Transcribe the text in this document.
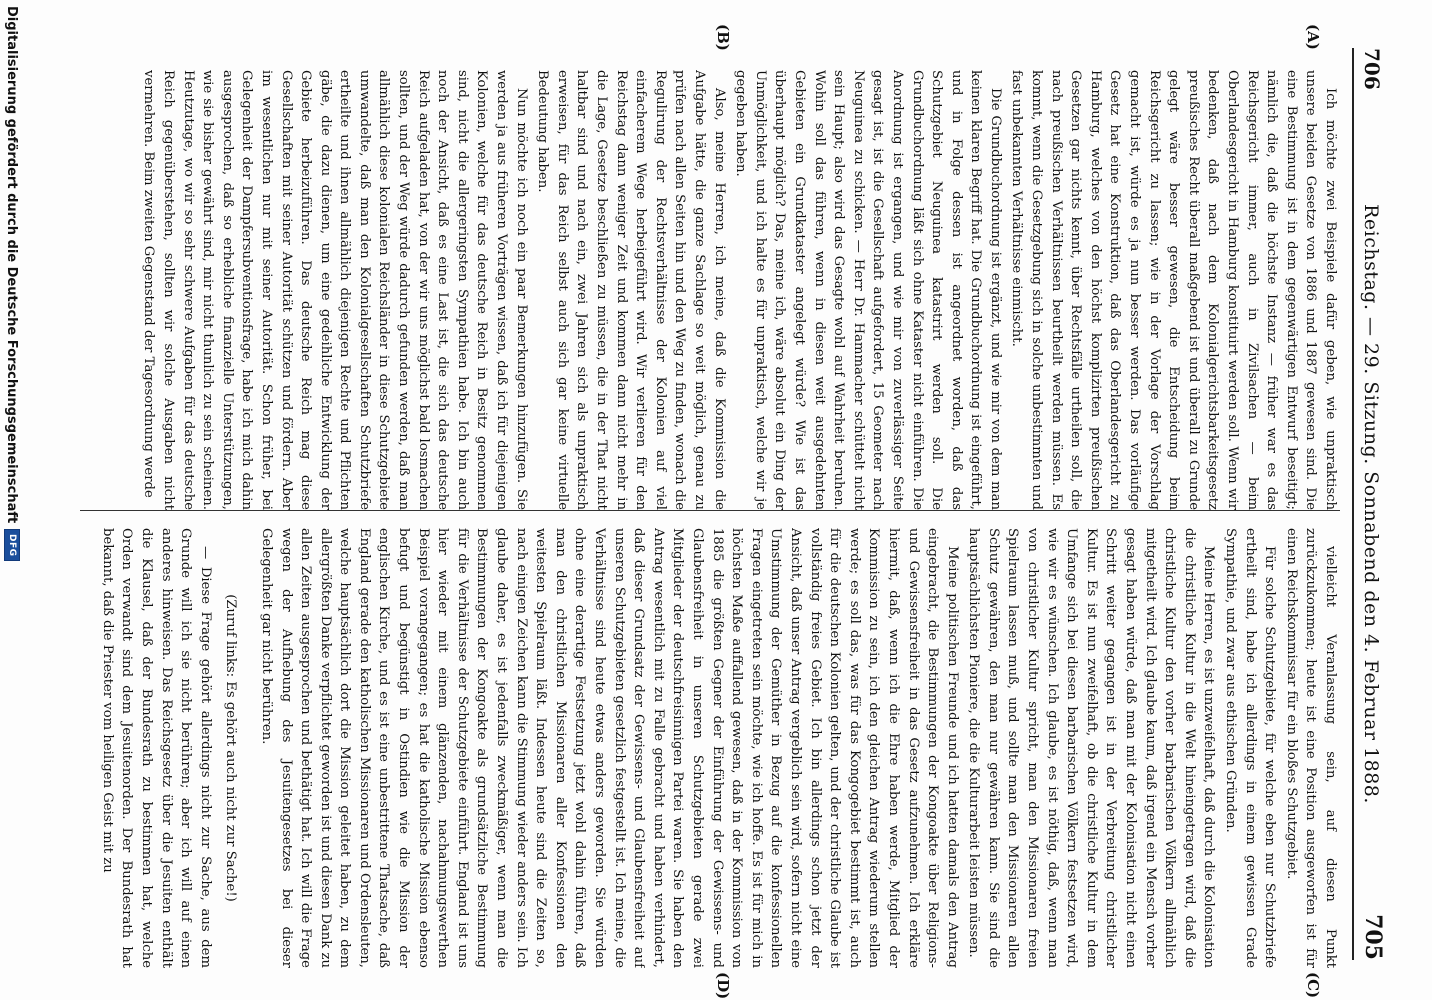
706
Reichstag. — 29. Sitzung. Sonnabend den 4. Februar 1888.
705
(A)
(B)
(C)
(D)

Ich möchte zwei Beispiele dafür geben, wie unpraktisch unsere beiden Gesetze von 1886 und 1887 gewesen sind. Die eine Bestimmung ist in dem gegenwärtigen Entwurf beseitigt; nämlich die, daß die höchste Instanz — früher war es das Reichsgericht immer, auch in Zivilsachen — beim Oberlandesgericht in Hamburg konstituirt werden soll. Wenn wir bedenken, daß nach dem Kolonialgerichtsbarkeitsgesetz preußisches Recht überall maßgebend ist und überall zu Grunde gelegt wäre besser gewesen, die Entscheidung beim Reichsgericht zu lassen; wie in der Vorlage der Vorschlag gemacht ist, würde es ja nun besser werden. Das vorläufige Gesetz hat eine Konstruktion, daß das Oberlandesgericht zu Hamburg, welches von den höchst komplizirten preußischen Gesetzen gar nichts kennt, über Rechtsfälle urtheilen soll, die nach preußischen Verhältnissen beurtheilt werden müssen. Es kommt, wenn die Gesetzgebung sich in solche unbestimmten und fast unbekannten Verhältnisse einmischt.

Die Grundbuchordnung ist ergänzt, und wie mir von dem man keinen klaren Begriff hat. Die Grundbuchordnung ist eingeführt, und in Folge dessen ist angeordnet worden, daß das Schutzgebiet Neuguinea katastrirt werden soll. Die Grundbuchordnung läßt sich ohne Kataster nicht einführen. Die Anordnung ist ergangen, und wie mir von zuverlässiger Seite gesagt ist, ist die Gesellschaft aufgefordert, 15 Geometer nach Neuguinea zu schicken. — Herr Dr. Hammacher schüttelt nicht sein Haupt; also wird das Gesagte wohl auf Wahrheit beruhen. Wohin soll das führen, wenn in diesen weit ausgedehnten Gebieten ein Grundkataster angelegt würde? Wie ist das überhaupt möglich? Das, meine ich, wäre absolut ein Ding der Unmöglichkeit, und ich halte es für unpraktisch, welche wir je gegeben haben.

Also, meine Herren, ich meine, daß die Kommission die Aufgabe hätte, die ganze Sachlage so weit möglich, genau zu prüfen nach allen Seiten hin und den Weg zu finden, wonach die Regulirung der Rechtsverhältnisse der Kolonien auf viel einfacherem Wege herbeigeführt wird. Wir verlieren für den Reichstag dann weniger Zeit und kommen dann nicht mehr in die Lage, Gesetze beschließen zu müssen, die in der That nicht haltbar sind und nach ein, zwei Jahren sich als unpraktisch erweisen, für das Reich selbst auch sich gar keine virtuelle Bedeutung haben.

Nun möchte ich noch ein paar Bemerkungen hinzufügen. Sie werden ja aus früheren Vorträgen wissen, daß ich für diejenigen Kolonien, welche für das deutsche Reich in Besitz genommen sind, nicht die allergeringsten Sympathien habe. Ich bin auch noch der Ansicht, daß es eine Last ist, die sich das deutsche Reich aufgeladen hat, von der wir uns möglichst bald losmachen sollten, und der Weg würde dadurch gefunden werden, daß man allmählich diese kolonialen Reichsländer in diese Schutzgebiete umwandelte, daß man den Kolonialgesellschaften Schutzbriefe ertheilte und ihnen allmählich diejenigen Rechte und Pflichten gäbe, die dazu dienen, um eine gedeihliche Entwicklung der Gebiete herbeizuführen. Das deutsche Reich mag diese Gesellschaften mit seiner Autorität schützen und fördern. Aber im wesentlichen nur mit seiner Autorität. Schon früher, bei Gelegenheit der Dampfersubventionsfrage, habe ich mich dahin ausgesprochen, daß so erhebliche finanzielle Unterstützungen, wie sie bisher gewährt sind, mir nicht thunlich zu sein scheinen. Heutzutage, wo wir so sehr schwere Aufgaben für das deutsche Reich gegenüberstehen, sollten wir solche Ausgaben nicht vermehren. Beim zweiten Gegenstand der Tagesordnung werde

vielleicht Veranlassung sein, auf diesen Punkt zurückzukommen; heute ist eine Position ausgeworfen ist für einen Reichskommissar für ein bloßes Schutzgebiet.

Für solche Schutzgebiete, für welche eben nur Schutzbriefe ertheilt sind, habe ich allerdings in einem gewissen Grade Sympathie, und zwar aus ethischen Gründen.

Meine Herren, es ist unzweifelhaft, daß durch die Kolonisation die christliche Kultur in die Welt hineingetragen wird, daß die christliche Kultur den vorher barbarischen Völkern allmählich mitgetheilt wird. Ich glaube kaum, daß irgend ein Mensch vorher gesagt haben würde, daß man mit der Kolonisation nicht einen Schritt weiter gegangen ist in der Verbreitung christlicher Kultur. Es ist nun zweifelhaft, ob die christliche Kultur in dem Umfange sich bei diesen barbarischen Völkern festsetzen wird, wie wir es wünschen. Ich glaube, es ist nöthig, daß, wenn man von christlicher Kultur spricht, man den Missionaren freien Spielraum lassen muß, und sollte man den Missionaren allen Schutz gewähren, den man nur gewähren kann. Sie sind die hauptsächlichsten Pioniere, die die Kulturarbeit leisten müssen.

Meine politischen Freunde und ich hatten damals den Antrag eingebracht, die Bestimmungen der Kongoakte über Religions- und Gewissensfreiheit in das Gesetz aufzunehmen. Ich erkläre hiermit, daß, wenn ich die Ehre haben werde, Mitglied der Kommission zu sein, ich den gleichen Antrag wiederum stellen werde; es soll das, was für das Kongogebiet bestimmt ist, auch für die deutschen Kolonien gelten, und der christliche Glaube ist vollständig freies Gebiet. Ich bin allerdings schon jetzt der Ansicht, daß unser Antrag vergeblich sein wird, sofern nicht eine Umstimmung der Gemüther in Bezug auf die konfessionellen Fragen eingetreten sein möchte, wie ich hoffe. Es ist für mich in höchsten Maße auffallend gewesen, daß in der Kommission von 1885 die größten Gegner der Einführung der Gewissens- und Glaubensfreiheit in unseren Schutzgebieten gerade zwei Mitglieder der deutschfreisinnigen Partei waren. Sie haben den Antrag wesentlich mit zu Falle gebracht und haben verhindert, daß dieser Grundsatz der Gewissens- und Glaubensfreiheit auf unseren Schutzgebieten gesetzlich festgestellt ist. Ich meine, die Verhältnisse sind heute etwas anders geworden. Sie würden ohne eine derartige Festsetzung jetzt wohl dahin führen, daß man den christlichen Missionaren aller Konfessionen den weitesten Spielraum läßt. Indessen heute sind die Zeiten so, nach einigen Zeichen kann die Stimmung wieder anders sein. Ich glaube daher, es ist jedenfalls zweckmäßiger, wenn man die Bestimmungen der Kongoakte als grundsätzliche Bestimmung für die Verhältnisse der Schutzgebiete einführt. England ist uns hier wieder mit einem glänzenden, nachahmungswerthen Beispiel vorangegangen; es hat die katholische Mission ebenso befugt und begünstigt in Ostindien wie die Mission der englischen Kirche, und es ist eine unbestrittene Thatsache, daß England gerade den katholischen Missionaren und Ordensleuten, welche hauptsächlich dort die Mission geleitet haben, zu dem allergrößten Danke verpflichtet geworden ist und diesen Dank zu allen Zeiten ausgesprochen und bethätigt hat. Ich will die Frage wegen der Aufhebung des Jesuitengesetzes bei dieser Gelegenheit gar nicht berühren.

(Zuruf links: Es gehört auch nicht zur Sache!)

— Diese Frage gehört allerdings nicht zur Sache, aus dem Grunde will ich sie nicht berühren; aber ich will auf einen anderes hinweisen. Das Reichsgesetz über die Jesuiten enthält die Klausel, daß der Bundesrath zu bestimmen hat, welche Orden verwandt sind dem Jesuitenorden. Der Bundesrath hat bekannt, daß die Priester vom heiligen Geist mit zu

Digitalisierung gefördert durch die Deutsche Forschungsgemeinschaft
DFG
